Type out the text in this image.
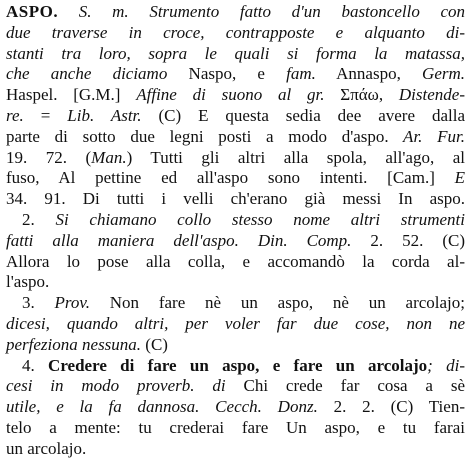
ASPO. S. m. Strumento fatto d'un bastoncello con
due traverse in croce, contrapposte e alquanto di-
stanti tra loro, sopra le quali si forma la matassa,
che anche diciamo Naspo, e fam. Annaspo, Germ.
Haspel. [G.M.] Affine di suono al gr. Σπάω, Distende-
re. = Lib. Astr. (C) E questa sedia dee avere dalla
parte di sotto due legni posti a modo d'aspo. Ar. Fur.
19. 72. (Man.) Tutti gli altri alla spola, all'ago, al
fuso, Al pettine ed all'aspo sono intenti. [Cam.] E
34. 91. Di tutti i velli ch'erano già messi In aspo.
2. Si chiamano collo stesso nome altri strumenti
fatti alla maniera dell'aspo. Din. Comp. 2. 52. (C)
Allora lo pose alla colla, e accomandò la corda al-
l'aspo.
3. Prov. Non fare nè un aspo, nè un arcolajo;
dicesi, quando altri, per voler far due cose, non ne
perfeziona nessuna. (C)
4. Credere di fare un aspo, e fare un arcolajo; di-
cesi in modo proverb. di Chi crede far cosa a sè
utile, e la fa dannosa. Cecch. Donz. 2. 2. (C) Tien-
telo a mente: tu crederai fare Un aspo, e tu farai
un arcolajo.
